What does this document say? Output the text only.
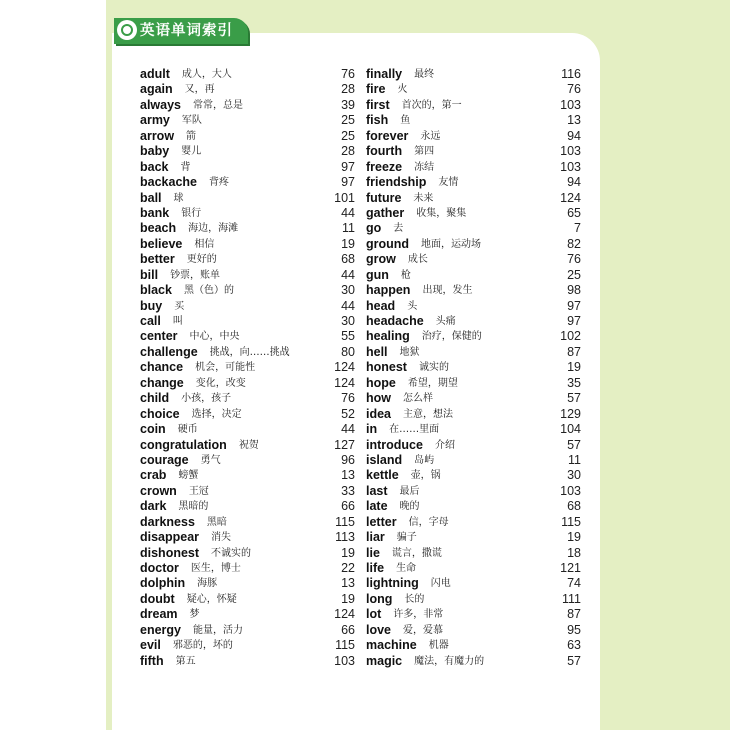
英语单词索引
adult 成人，大人	76
again 又，再	28
always 常常，总是	39
army 军队	25
arrow 箭	25
baby 婴儿	28
back 背	97
backache 背疼	97
ball 球	101
bank 银行	44
beach 海边，海滩	11
believe 相信	19
better 更好的	68
bill 钞票，账单	44
black 黑（色）的	30
buy 买	44
call 叫	30
center 中心，中央	55
challenge 挑战，向……挑战	80
chance 机会，可能性	124
change 变化，改变	124
child 小孩，孩子	76
choice 选择，决定	52
coin 硬币	44
congratulation 祝贺	127
courage 勇气	96
crab 螃蟹	13
crown 王冠	33
dark 黑暗的	66
darkness 黑暗	115
disappear 消失	113
dishonest 不诚实的	19
doctor 医生，博士	22
dolphin 海豚	13
doubt 疑心，怀疑	19
dream 梦	124
energy 能量，活力	66
evil 邪恶的，坏的	115
fifth 第五	103
finally 最终	116
fire 火	76
first 首次的，第一	103
fish 鱼	13
forever 永远	94
fourth 第四	103
freeze 冻结	103
friendship 友情	94
future 未来	124
gather 收集，聚集	65
go 去	7
ground 地面，运动场	82
grow 成长	76
gun 枪	25
happen 出现，发生	98
head 头	97
headache 头痛	97
healing 治疗，保健的	102
hell 地狱	87
honest 诚实的	19
hope 希望，期望	35
how 怎么样	57
idea 主意，想法	129
in 在……里面	104
introduce 介绍	57
island 岛屿	11
kettle 壶，锅	30
last 最后	103
late 晚的	68
letter 信，字母	115
liar 骗子	19
lie 谎言，撒谎	18
life 生命	121
lightning 闪电	74
long 长的	111
lot 许多，非常	87
love 爱，爱慕	95
machine 机器	63
magic 魔法，有魔力的	57
